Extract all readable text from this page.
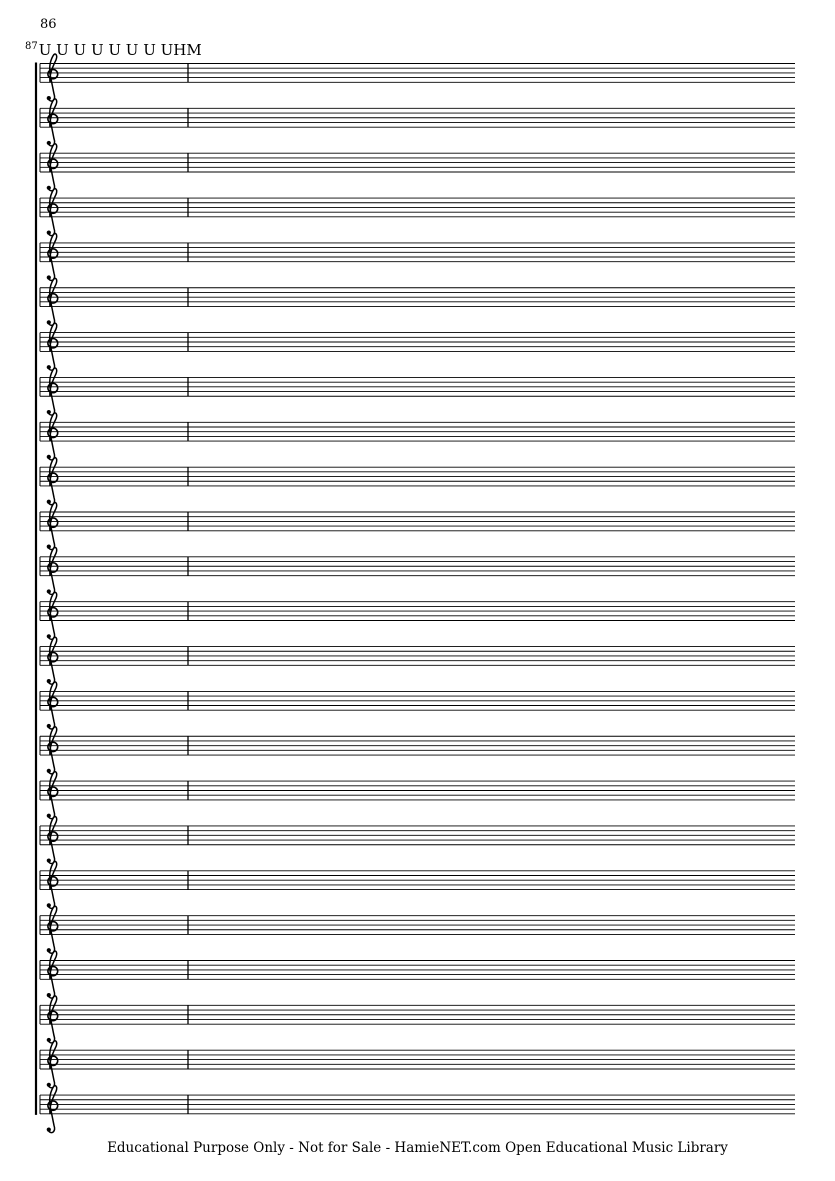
86
$^{87}$U U U U U U U UHM
Educational Purpose Only - Not for Sale - HamieNET.com Open Educational Music Library
